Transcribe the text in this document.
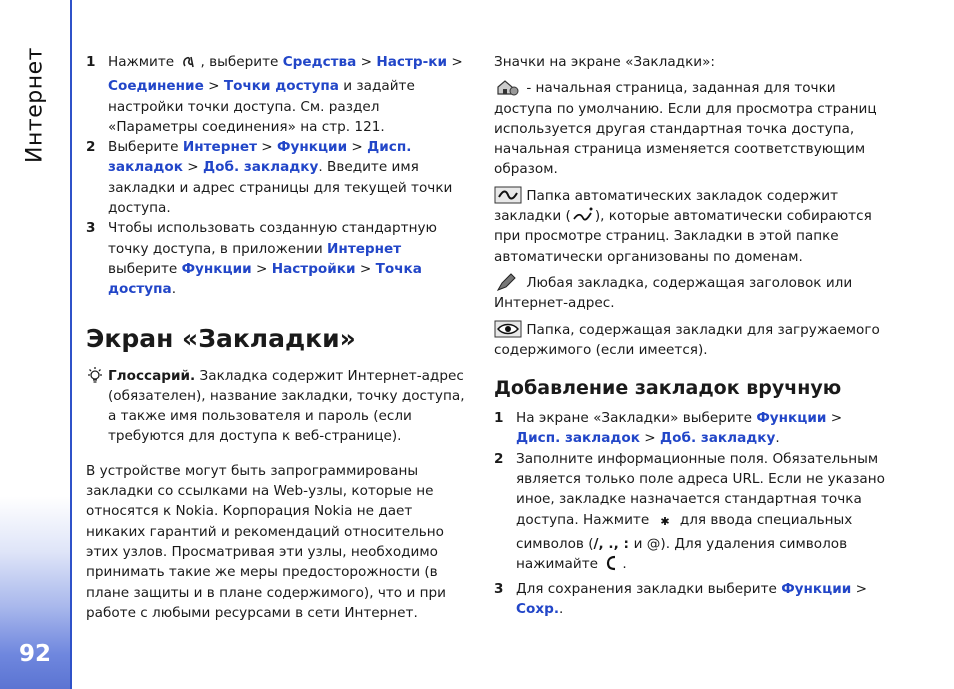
Интернет
92
1 Нажмите , выберите Средства > Настр-ки > Соединение > Точки доступа и задайте настройки точки доступа. См. раздел «Параметры соединения» на стр. 121.
2 Выберите Интернет > Функции > Дисп. закладок > Доб. закладку. Введите имя закладки и адрес страницы для текущей точки доступа.
3 Чтобы использовать созданную стандартную точку доступа, в приложении Интернет выберите Функции > Настройки > Точка доступа.
Экран «Закладки»
Глоссарий. Закладка содержит Интернет-адрес (обязателен), название закладки, точку доступа, а также имя пользователя и пароль (если требуются для доступа к веб-странице).

В устройстве могут быть запрограммированы закладки со ссылками на Web-узлы, которые не относятся к Nokia. Корпорация Nokia не дает никаких гарантий и рекомендаций относительно этих узлов. Просматривая эти узлы, необходимо принимать такие же меры предосторожности (в плане защиты и в плане содержимого), что и при работе с любыми ресурсами в сети Интернет.

Значки на экране «Закладки»:

- начальная страница, заданная для точки доступа по умолчанию. Если для просмотра страниц используется другая стандартная точка доступа, начальная страница изменяется соответствующим образом.

Папка автоматических закладок содержит закладки ( ), которые автоматически собираются при просмотре страниц. Закладки в этой папке автоматически организованы по доменам.

Любая закладка, содержащая заголовок или Интернет-адрес.

Папка, содержащая закладки для загружаемого содержимого (если имеется).

Добавление закладок вручную
1 На экране «Закладки» выберите Функции > Дисп. закладок > Доб. закладку.
2 Заполните информационные поля. Обязательным является только поле адреса URL. Если не указано иное, закладке назначается стандартная точка доступа. Нажмите  для ввода специальных символов (/, ., : и @). Для удаления символов нажимайте .
3 Для сохранения закладки выберите Функции > Сохр..
